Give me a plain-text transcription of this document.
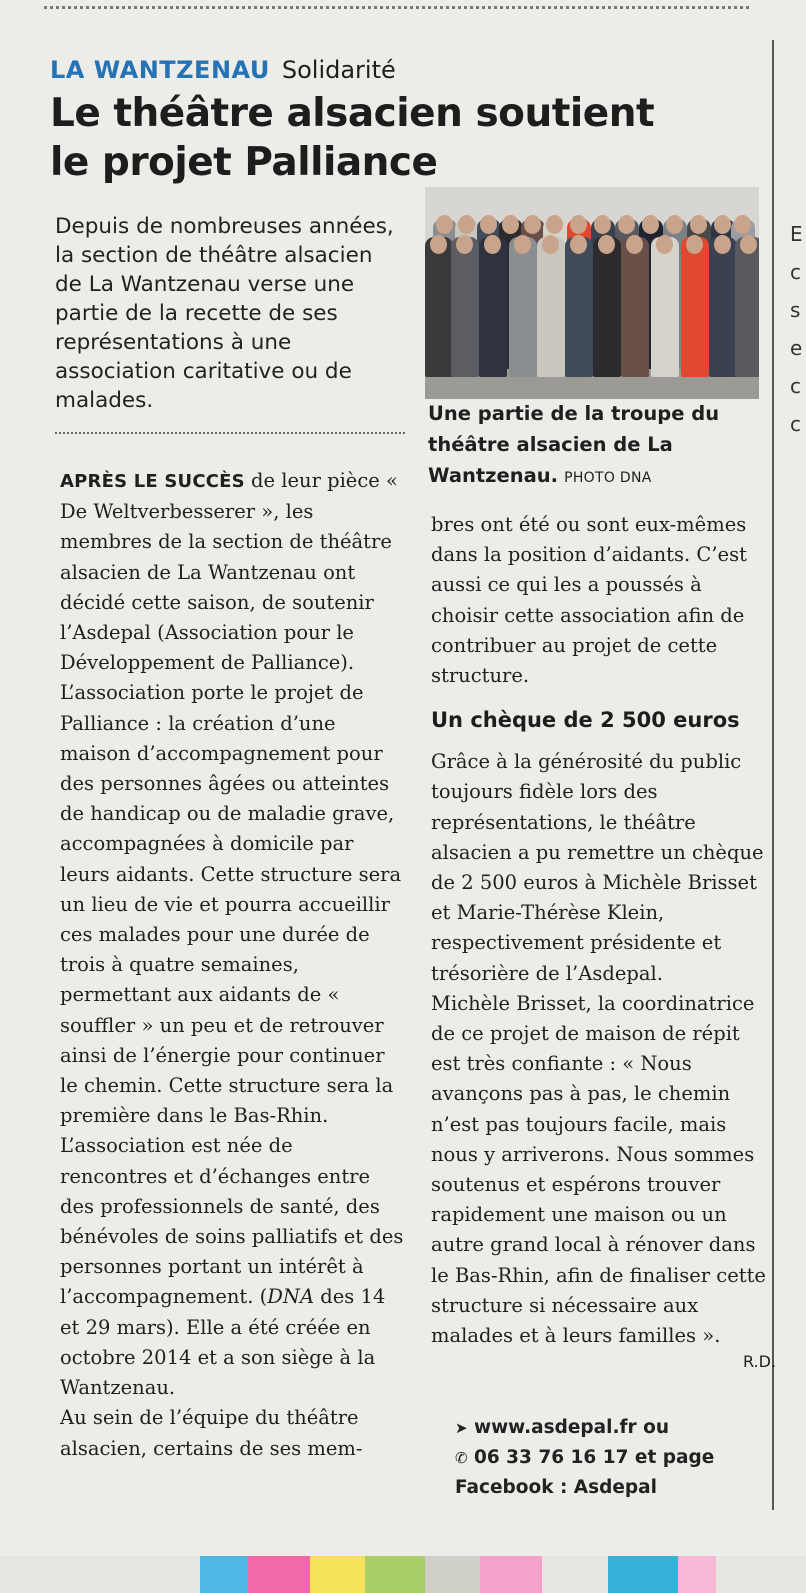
E
c
s
e
c
c
LA WANTZENAU Solidarité
Le théâtre alsacien soutient
le projet Palliance
Depuis de nombreuses années, la section de théâtre alsacien de La Wantzenau verse une partie de la recette de ses représentations à une association caritative ou de malades.
Une partie de la troupe du théâtre alsacien de La Wantzenau. PHOTO DNA

APRÈS LE SUCCÈS de leur pièce « De Weltverbesserer », les membres de la section de théâtre alsacien de La Wantzenau ont décidé cette saison, de soutenir l’Asdepal (Association pour le Développement de Palliance).

L’association porte le projet de Palliance : la création d’une maison d’accompagnement pour des personnes âgées ou atteintes de handicap ou de maladie grave, accompagnées à domicile par leurs aidants. Cette structure sera un lieu de vie et pourra accueillir ces malades pour une durée de trois à quatre semaines, permettant aux aidants de « souffler » un peu et de retrouver ainsi de l’énergie pour continuer le chemin. Cette structure sera la première dans le Bas-Rhin.

L’association est née de rencontres et d’échanges entre des professionnels de santé, des bénévoles de soins palliatifs et des personnes portant un intérêt à l’accompagnement. (DNA des 14 et 29 mars). Elle a été créée en octobre 2014 et a son siège à la Wantzenau.

Au sein de l’équipe du théâtre alsacien, certains de ses mem-

bres ont été ou sont eux-mêmes dans la position d’aidants. C’est aussi ce qui les a poussés à choisir cette association afin de contribuer au projet de cette structure.

Un chèque de 2 500 euros

Grâce à la générosité du public toujours fidèle lors des représentations, le théâtre alsacien a pu remettre un chèque de 2 500 euros à Michèle Brisset et Marie-Thérèse Klein, respectivement présidente et trésorière de l’Asdepal.

Michèle Brisset, la coordinatrice de ce projet de maison de répit est très confiante : « Nous avançons pas à pas, le chemin n’est pas toujours facile, mais nous y arriverons. Nous sommes soutenus et espérons trouver rapidement une maison ou un autre grand local à rénover dans le Bas-Rhin, afin de finaliser cette structure si nécessaire aux malades et à leurs familles ».

R.D.
➤ www.asdepal.fr ou
✆ 06 33 76 16 17 et page
Facebook : Asdepal
